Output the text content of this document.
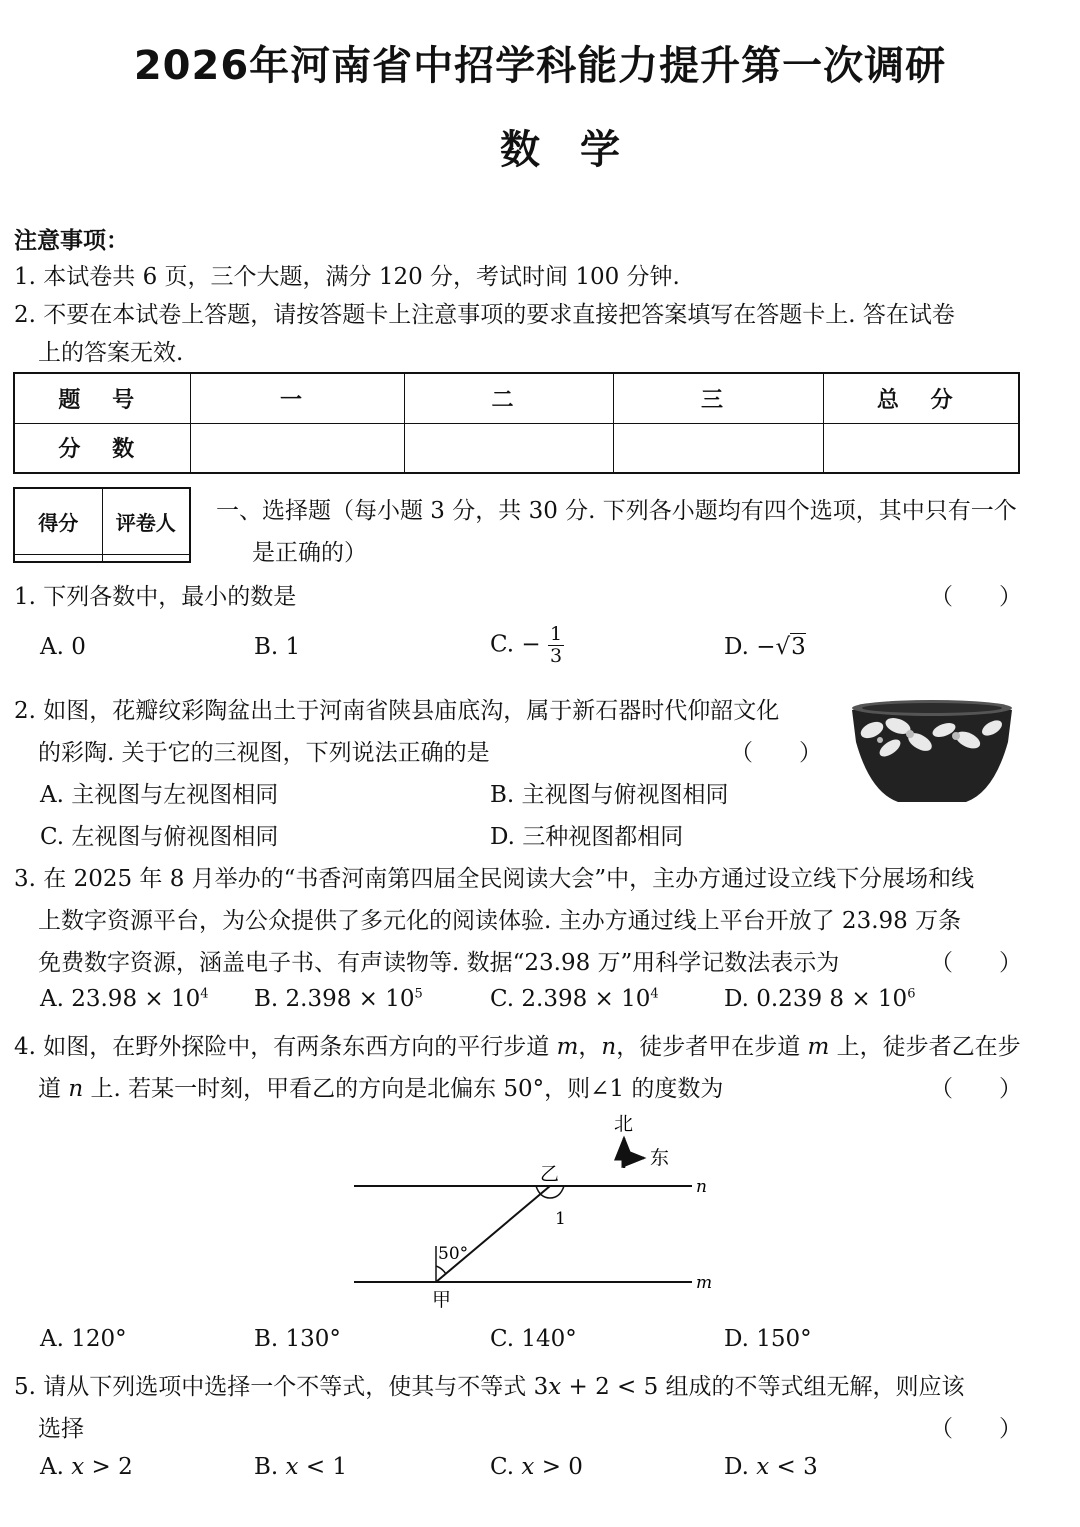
2026年河南省中招学科能力提升第一次调研
数学
注意事项：
1. 本试卷共 6 页，三个大题，满分 120 分，考试时间 100 分钟.
2. 不要在本试卷上答题，请按答题卡上注意事项的要求直接把答案填写在答题卡上. 答在试卷
上的答案无效.
题 号	一	二	三	总 分
分 数				
得分	评卷人
	一、选择题（每小题 3 分，共 30 分. 下列各小题均有四个选项，其中只有一个
是正确的）
1. 下列各数中，最小的数是	（　　）
A. 0	B. 1	C. − $\frac{1}{3}$	D. −√3
2. 如图，花瓣纹彩陶盆出土于河南省陕县庙底沟，属于新石器时代仰韶文化
的彩陶. 关于它的三视图，下列说法正确的是	（　　）
A. 主视图与左视图相同	B. 主视图与俯视图相同
C. 左视图与俯视图相同	D. 三种视图都相同
3. 在 2025 年 8 月举办的“书香河南第四届全民阅读大会”中，主办方通过设立线下分展场和线
上数字资源平台，为公众提供了多元化的阅读体验. 主办方通过线上平台开放了 23.98 万条
免费数字资源，涵盖电子书、有声读物等. 数据“23.98 万”用科学记数法表示为	（　　）
A. $23.98 \times 10^4$ B. $2.398 \times 10^5$	C. $2.398 \times 10^4$	D. 0.239 $8 \times 10^6$
4. 如图，在野外探险中，有两条东西方向的平行步道 m，n，徒步者甲在步道 m 上，徒步者乙在步
道 n 上. 若某一时刻，甲看乙的方向是北偏东 50°，则∠1 的度数为	（　　）
北
东
n
m
乙
甲
1
50°
A. 120°	B. 130°	C. 140°	D. 150°
5. 请从下列选项中选择一个不等式，使其与不等式 3x + 2 < 5 组成的不等式组无解，则应该
选择	（　　）
A. x > 2	B. x < 1	C. x > 0	D. x < 3
